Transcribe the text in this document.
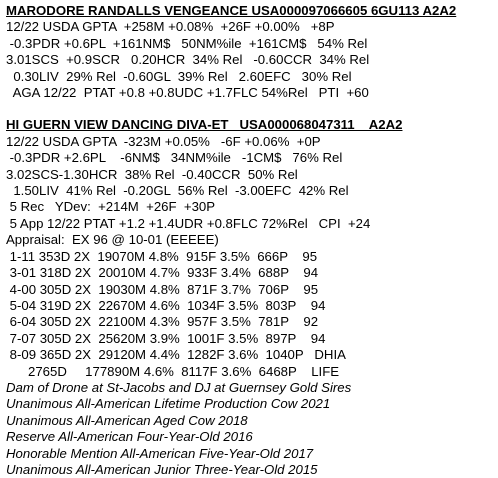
MARODORE RANDALLS VENGEANCE USA000097066605 6GU113 A2A2
12/22 USDA GPTA  +258M +0.08%  +26F +0.00%   +8P
-0.3PDR +0.6PL  +161NM$   50NM%ile  +161CM$   54% Rel
3.01SCS  +0.9SCR   0.20HCR  34% Rel   -0.60CCR  34% Rel
0.30LIV  29% Rel  -0.60GL  39% Rel   2.60EFC   30% Rel
AGA 12/22  PTAT +0.8 +0.8UDC +1.7FLC 54%Rel   PTI  +60
HI GUERN VIEW DANCING DIVA-ET   USA000068047311    A2A2
12/22 USDA GPTA  -323M +0.05%   -6F +0.06%  +0P
-0.3PDR +2.6PL    -6NM$   34NM%ile   -1CM$   76% Rel
3.02SCS-1.30HCR  38% Rel  -0.40CCR  50% Rel
1.50LIV  41% Rel  -0.20GL  56% Rel  -3.00EFC  42% Rel
5 Rec   YDev:  +214M  +26F  +30P
5 App 12/22 PTAT +1.2 +1.4UDR +0.8FLC 72%Rel   CPI  +24
Appraisal:  EX 96 @ 10-01 (EEEEE)
1-11 353D 2X  19070M 4.8%  915F 3.5%  666P    95
3-01 318D 2X  20010M 4.7%  933F 3.4%  688P    94
4-00 305D 2X  19030M 4.8%  871F 3.7%  706P    95
5-04 319D 2X  22670M 4.6%  1034F 3.5%  803P    94
6-04 305D 2X  22100M 4.3%  957F 3.5%  781P    92
7-07 305D 2X  25620M 3.9%  1001F 3.5%  897P    94
8-09 365D 2X  29120M 4.4%  1282F 3.6%  1040P   DHIA
2765D     177890M 4.6%  8117F 3.6%  6468P    LIFE
Dam of Drone at St-Jacobs and DJ at Guernsey Gold Sires
Unanimous All-American Lifetime Production Cow 2021
Unanimous All-American Aged Cow 2018
Reserve All-American Four-Year-Old 2016
Honorable Mention All-American Five-Year-Old 2017
Unanimous All-American Junior Three-Year-Old 2015
